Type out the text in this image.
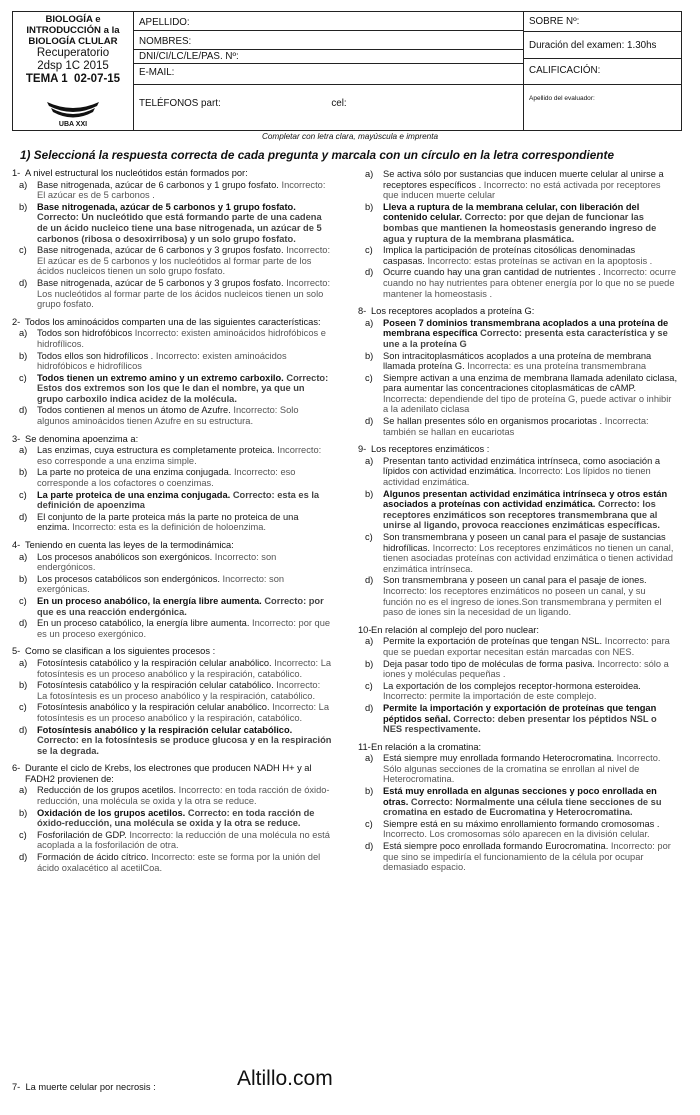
BIOLOGÍA e
INTRODUCCIÓN a la
BIOLOGÍA CLULAR
Recuperatorio
2dsp 1C 2015
TEMA 1 02-07-15
UBA XXI
APELLIDO:
NOMBRES:
DNI/CI/LC/LE/PAS. Nº:
E-MAIL:
TELÉFONOS part:	cel:
SOBRE Nº:
Duración del examen: 1.30hs
CALIFICACIÓN:
Apellido del evaluador:
Completar con letra clara, mayúscula e imprenta
1) Seleccioná la respuesta correcta de cada pregunta y marcala con un círculo en la letra correspondiente
1- A nivel estructural los nucleótidos están formados por:
a) Base nitrogenada, azúcar de 6 carbonos y 1 grupo fosfato. Incorrecto: El azúcar es de 5 carbonos .
b) Base nitrogenada, azúcar de 5 carbonos y 1 grupo fosfato. Correcto: Un nucleótido que está formando parte de una cadena de un ácido nucleico tiene una base nitrogenada, un azúcar de 5 carbonos (ribosa o desoxirribosa) y un solo grupo fosfato.
c) Base nitrogenada, azúcar de 6 carbonos y 3 grupos fosfato. Incorrecto: El azúcar es de 5 carbonos y los nucleótidos al formar parte de los ácidos nucleicos tienen un solo grupo fosfato.
d) Base nitrogenada, azúcar de 5 carbonos y 3 grupos fosfato. Incorrecto: Los nucleótidos al formar parte de los ácidos nucleicos tienen un solo grupo fosfato.
2- Todos los aminoácidos comparten una de las siguientes características:
a) Todos son hidrofóbicos Incorrecto: existen aminoácidos hidrofóbicos e hidrofílicos.
b) Todos ellos son hidrofílicos . Incorrecto: existen aminoácidos hidrofóbicos e hidrofílicos
c) Todos tienen un extremo amino y un extremo carboxilo. Correcto: Estos dos extremos son los que le dan el nombre, ya que un grupo carboxilo indica acidez de la molécula.
d) Todos contienen al menos un átomo de Azufre. Incorrecto: Solo algunos aminoácidos tienen Azufre en su estructura.
3- Se denomina apoenzima a:
a) Las enzimas, cuya estructura es completamente proteica. Incorrecto: eso corresponde a una enzima simple.
b) La parte no proteica de una enzima conjugada. Incorrecto: eso corresponde a los cofactores o coenzimas.
c) La parte proteica de una enzima conjugada. Correcto: esta es la definición de apoenzima
d) El conjunto de la parte proteica más la parte no proteica de una enzima. Incorrecto: esta es la definición de holoenzima.
4- Teniendo en cuenta las leyes de la termodinámica:
a) Los procesos anabólicos son exergónicos. Incorrecto: son endergónicos.
b) Los procesos catabólicos son endergónicos. Incorrecto: son exergónicas.
c) En un proceso anabólico, la energía libre aumenta. Correcto: por que es una reacción endergónica.
d) En un proceso catabólico, la energía libre aumenta. Incorrecto: por que es un proceso exergónico.
5- Como se clasifican a los siguientes procesos :
a) Fotosíntesis catabólico y la respiración celular anabólico. Incorrecto: La fotosíntesis es un proceso anabólico y la respiración, catabólico.
b) Fotosíntesis catabólico y la respiración celular catabólico. Incorrecto: La fotosíntesis es un proceso anabólico y la respiración, catabólico.
c) Fotosíntesis anabólico y la respiración celular anabólico. Incorrecto: La fotosíntesis es un proceso anabólico y la respiración, catabólico.
d) Fotosíntesis anabólico y la respiración celular catabólico. Correcto: en la fotosíntesis se produce glucosa y en la respiración se la degrada.
6- Durante el ciclo de Krebs, los electrones que producen NADH H+ y al FADH2 provienen de:
a) Reducción de los grupos acetilos. Incorrecto: en toda racción de óxido-reducción, una molécula se oxida y la otra se reduce.
b) Oxidación de los grupos acetilos. Correcto: en toda racción de óxido-reducción, una molécula se oxida y la otra se reduce.
c) Fosforilación de GDP. Incorrecto: la reducción de una molécula no está acoplada a la fosforilación de otra.
d) Formación de ácido cítrico. Incorrecto: este se forma por la unión del ácido oxalacético al acetilCoa.
a) Se activa sólo por sustancias que inducen muerte celular al unirse a receptores específicos . Incorrecto: no está activada por receptores que inducen muerte celular
b) Lleva a ruptura de la membrana celular, con liberación del contenido celular. Correcto: por que dejan de funcionar las bombas que mantienen la homeostasis generando ingreso de agua y ruptura de la membrana plasmática.
c) Implica la participación de proteínas citosólicas denominadas caspasas. Incorrecto: estas proteínas se activan en la apoptosis .
d) Ocurre cuando hay una gran cantidad de nutrientes . Incorrecto: ocurre cuando no hay nutrientes para obtener energía por lo que no se puede mantener la homeostasis .
8- Los receptores acoplados a proteína G:
a) Poseen 7 dominios transmembrana acoplados a una proteína de membrana específica Correcto: presenta esta característica y se une a la proteína G
b) Son intracitoplasmáticos acoplados a una proteína de membrana llamada proteína G. Incorrecta: es una proteína transmembrana
c) Siempre activan a una enzima de membrana llamada adenilato ciclasa, para aumentar las concentraciones citoplasmáticas de cAMP. Incorrecta: dependiende del tipo de proteína G, puede activar o inhibir a la adenilato ciclasa
d) Se hallan presentes sólo en organismos procariotas . Incorrecta: también se hallan en eucariotas
9- Los receptores enzimáticos :
a) Presentan tanto actividad enzimática intrínseca, como asociación a lípidos con actividad enzimática. Incorrecto: Los lípidos no tienen actividad enzimática.
b) Algunos presentan actividad enzimática intrínseca y otros están asociados a proteínas con actividad enzimática. Correcto: los receptores enzimáticos son receptores transmembrana que al unirse al ligando, provoca reacciones enzimáticas específicas.
c) Son transmembrana y poseen un canal para el pasaje de sustancias hidrofílicas. Incorrecto: Los receptores enzimáticos no tienen un canal, tienen asociadas proteínas con actividad enzimática o tienen actividad enzimática intrínseca.
d) Son transmembrana y poseen un canal para el pasaje de iones. Incorrecto: los receptores enzimáticos no poseen un canal, y su función no es el ingreso de iones.Son transmembrana y permiten el paso de iones sin la necesidad de un ligando.
10-En relación al complejo del poro nuclear:
a) Permite la exportación de proteínas que tengan NSL. Incorrecto: para que se puedan exportar necesitan están marcadas con NES.
b) Deja pasar todo tipo de moléculas de forma pasiva. Incorrecto: sólo a iones y moléculas pequeñas .
c) La exportación de los complejos receptor-hormona esteroidea. Incorrecto: permite la importación de este complejo.
d) Permite la importación y exportación de proteínas que tengan péptidos señal. Correcto: deben presentar los péptidos NSL o NES respectivamente.
11-En relación a la cromatina:
a) Está siempre muy enrollada formando Heterocromatina. Incorrecto. Sólo algunas secciones de la cromatina se enrollan al nivel de Heterocromatina.
b) Está muy enrollada en algunas secciones y poco enrollada en otras. Correcto: Normalmente una célula tiene secciones de su cromatina en estado de Eucromatina y Heterocromatina.
c) Siempre está en su máximo enrollamiento formando cromosomas . Incorrecto. Los cromosomas sólo aparecen en la división celular.
d) Está siempre poco enrollada formando Eurocromatina. Incorrecto: por que sino se impediría el funcionamiento de la célula por ocupar demasiado espacio.
7- La muerte celular por necrosis :	Altillo.com
